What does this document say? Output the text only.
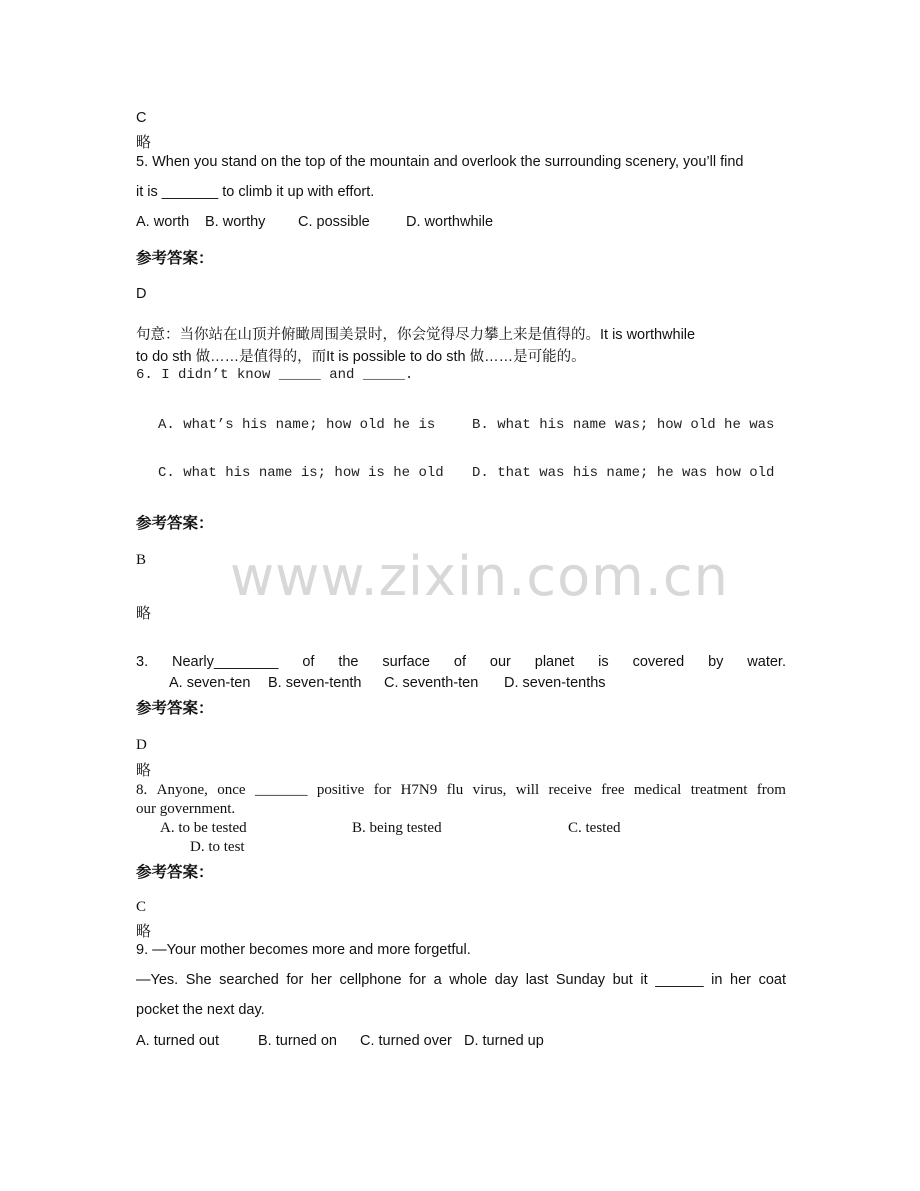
www.zixin.com.cn
C
略
5. When you stand on the top of the mountain and overlook the surrounding scenery, you’ll find
it is _______ to climb it up with effort.
A. worth B. worthy C. possible	D. worthwhile
参考答案：
D
句意：当你站在山顶并俯瞰周围美景时，你会觉得尽力攀上来是值得的。It is worthwhile
to do sth 做……是值得的，而It is possible to do sth 做……是可能的。
6. I didn’t know _____ and _____.
A. what’s his name; how old he is	B. what his name was; how old he was
C. what his name is; how is he old D. that was his name; he was how old
参考答案：
B
略
3. Nearly________ of the surface of our planet is covered by water.
A. seven-ten B. seven-tenth C. seventh-ten D. seven-tenths
参考答案：
D
略
8. Anyone, once _______ positive for H7N9 flu virus, will receive free medical treatment from
our government.
A. to be tested	B. being tested	C. tested
D. to test
参考答案：
C
略
9. —Your mother becomes more and more forgetful.
—Yes. She searched for her cellphone for a whole day last Sunday but it ______ in her coat
pocket the next day.
A. turned out	B. turned on C. turned over D. turned up
